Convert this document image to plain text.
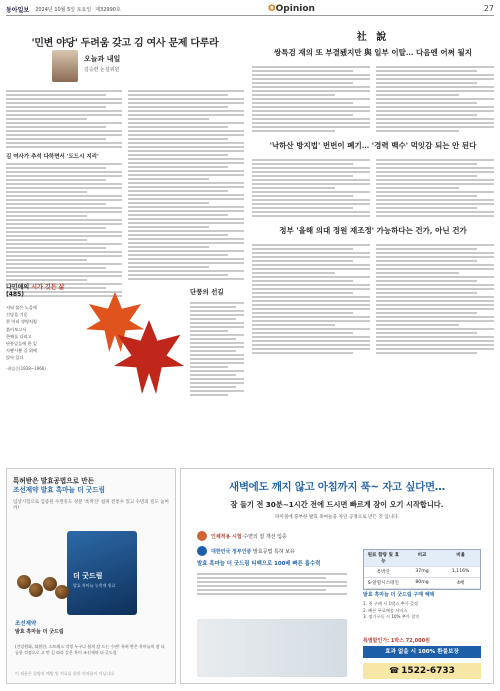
동아일보 2024년 10월 5일 토요일 제32990호	OOpinion	27
'민변 야당' 두려움 갖고 김 여사 문제 다루라
오늘과 내일
김승련 논설위원
김 여사가 추석 다하면서 '도드시 지리'
社 說
쌍특검 재의 또 부결됐지만 與 일부 이탈… 다음엔 어쩌 될지
'낙하산 방지법' 번번이 폐기… '경력 백수' 먹잇감 되는 안 된다
정부 '올해 의대 정원 재조정' 가능하다는 건가, 아닌 건가
나민애의 시가 깃든 삶 (485)
저녁 붉은 노을에
신담을 기운
한 마리 생명처럼
붉어보고서
한해를 다리고
단풍잎들에 한 잎
사뿐시뿐 길 위에
앉아 있다
-최임순(1938~1966)
단풍의 선길
특허받은 발효공법으로 만든
조선제약 발효 흑마늘 더 굿드림
임상시험으로 입증된 수면유도 성분 '옥박산' 섭취 전통수 있고 수면의 질도 높여까!
더 굿드림
발효 흑마늘 농축액 원료
조선제약
발효 흑마늘 더 굿드림
(건강원화, 퇴원한, 스트레스 걱정 누구나 쉽게 잠 드는 수면! 특허 받은 흑마늘의 잠 다공한 걱정으로 고 먼 길 따라 같은 흑이 조선제약 더 굿드림
이 제품은 질병의 예방 및 치료를 위한 의약품이 아닙니다
새벽에도 깨지 않고 아침까지 푹~ 자고 싶다면…
잠 들기 전 30분~1시간 전에 드시면 빠르게 잠이 오기 시작합니다.
파이셜에 풍부한 발효 흑마늘을 자연 공정으로 만든 것 입니다.
인체적용 시험 수면의 질 개선 입증
대한민국 정부인증 발효공법 특허 보유
발효 흑마늘 더 굿드림 티백으로 100배 빠른 흡수력
원료 함량 및 효능
비교	비율
옥박산	37mg	1,116%
S-알릴시스테인	80mg	4배
발효 흑마늘 더 굿드림 구매 혜택
1. 첫 구매 시 1박스 추가 증정
2. 빠른 무료배송 서비스
3. 정기구독 시 10% 추가 할인
특별할인가: 1박스 72,000원
효과 없을 시 100% 환불보장
☎ 1522-6733
